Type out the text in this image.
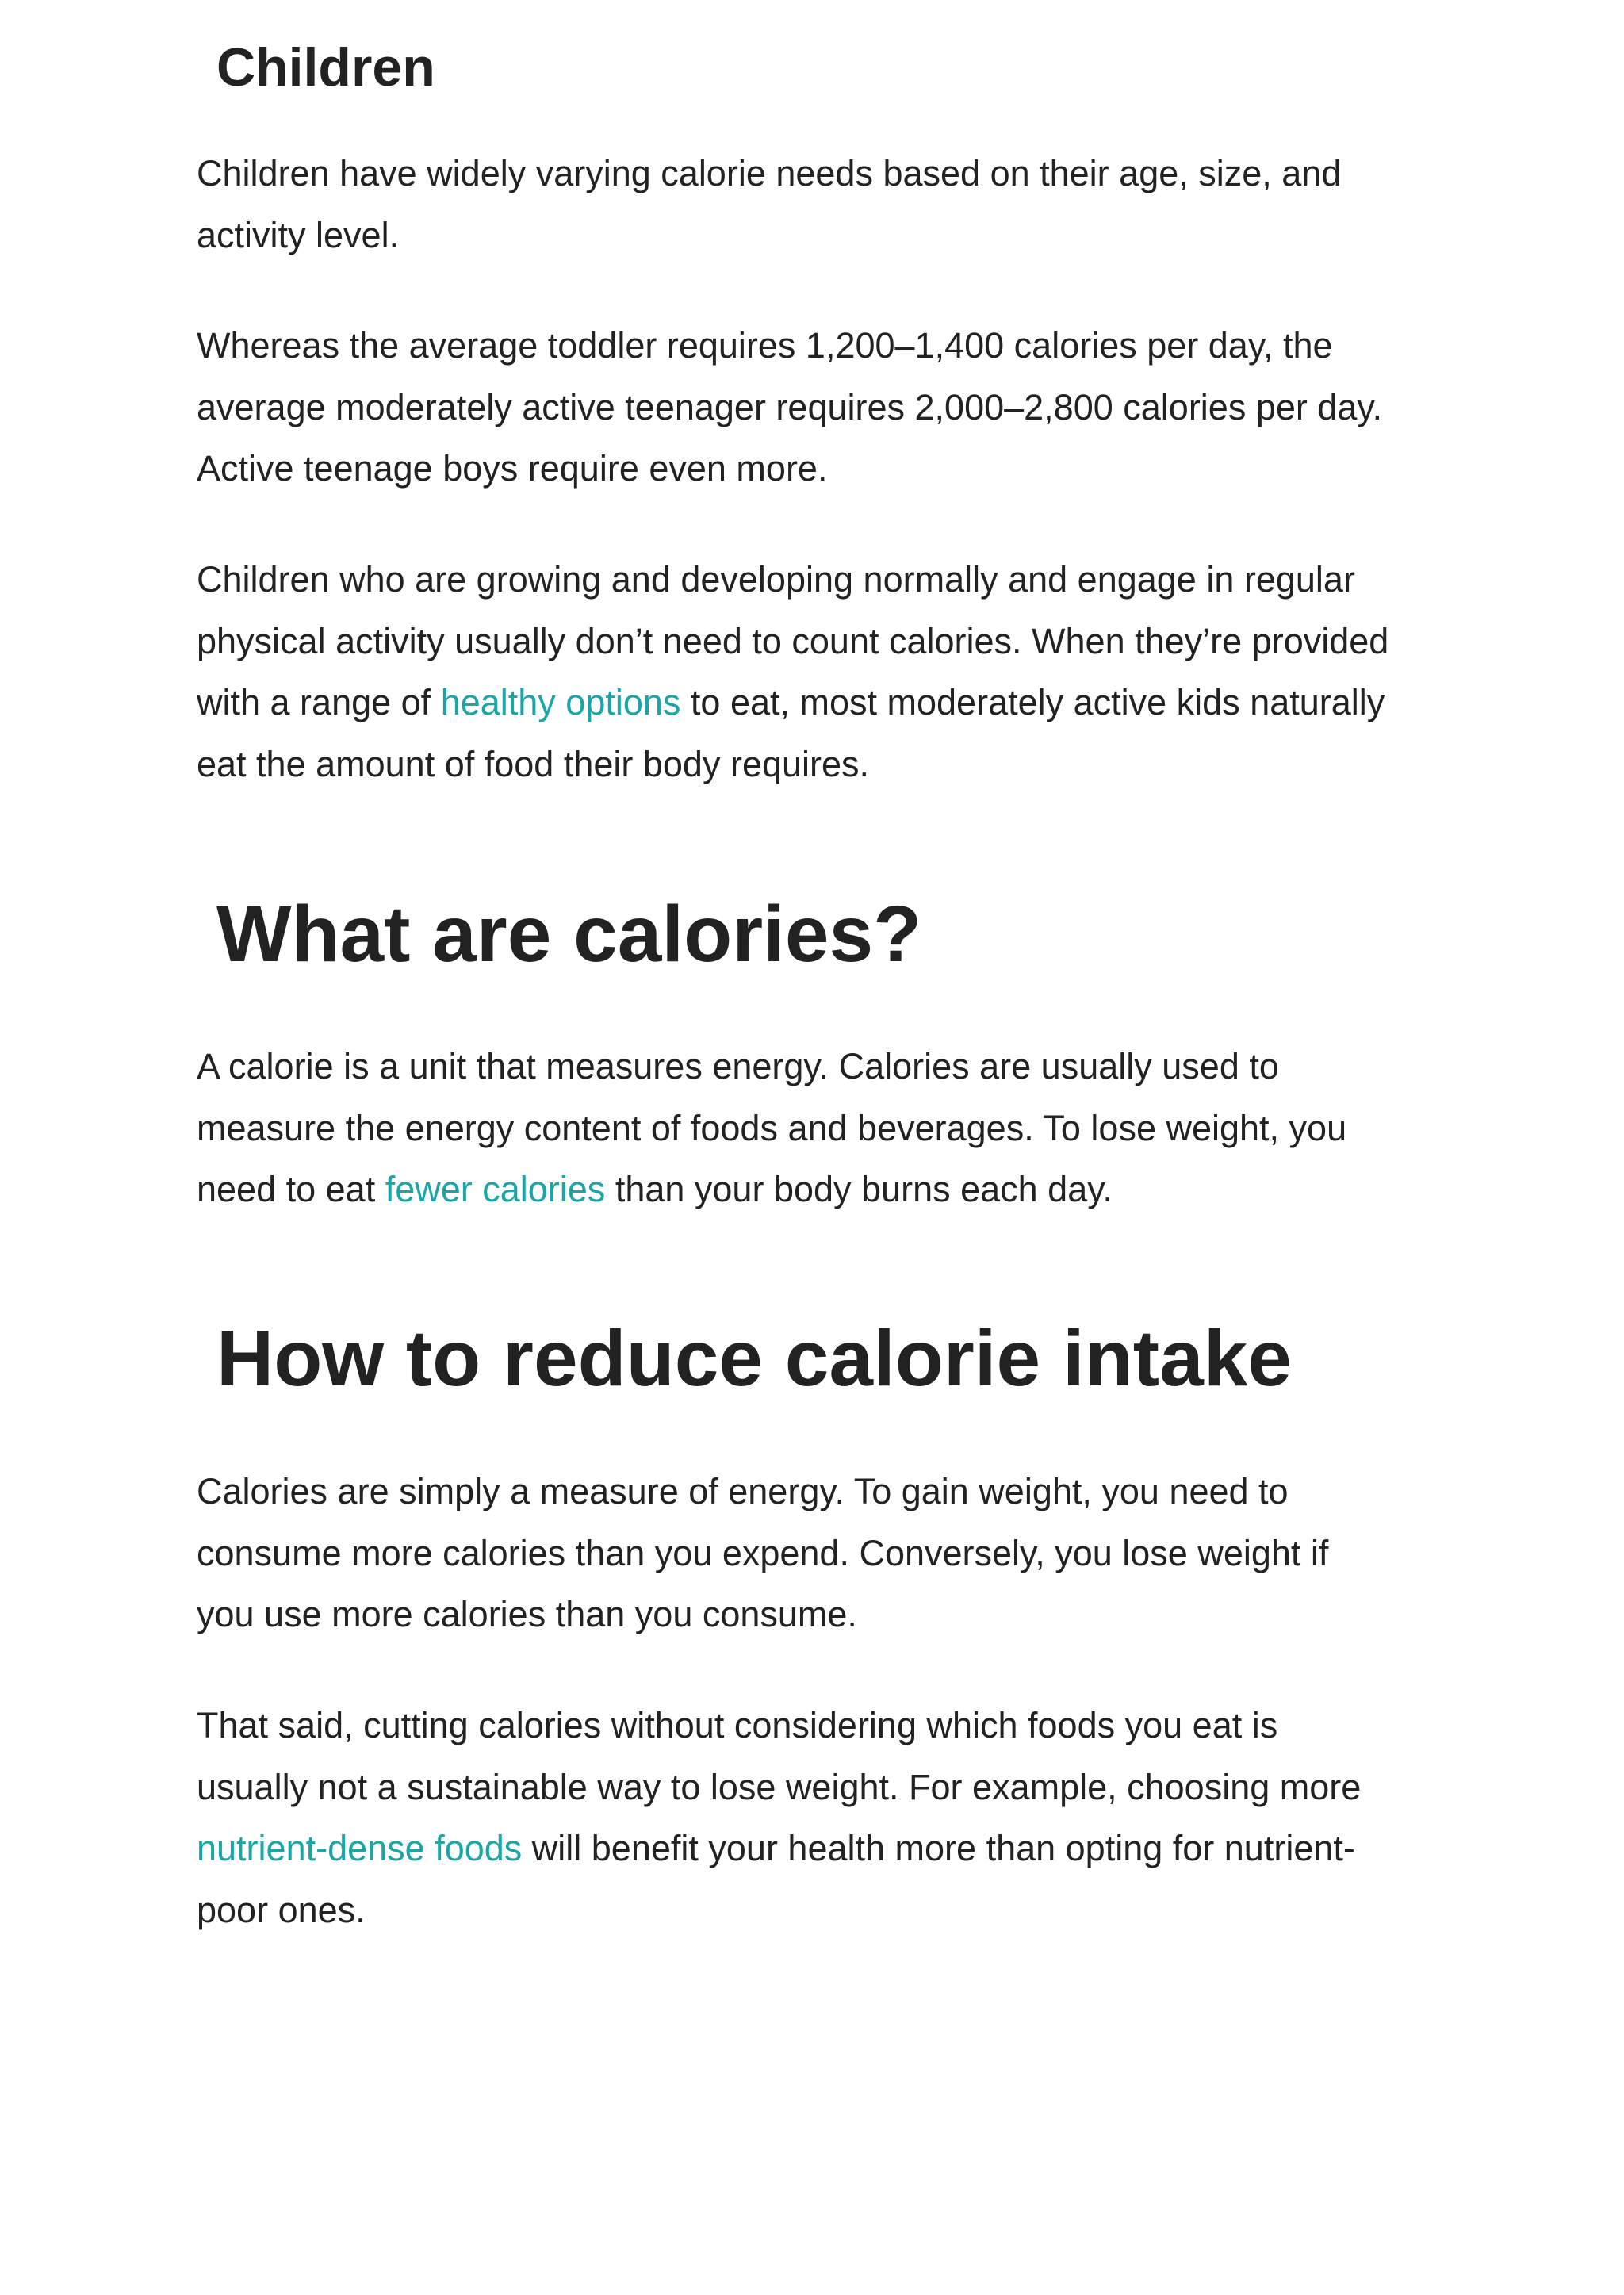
Children

Children have widely varying calorie needs based on their age, size, and activity level.

Whereas the average toddler requires 1,200–1,400 calories per day, the
average moderately active teenager requires 2,000–2,800 calories per day.
Active teenage boys require even more.

Children who are growing and developing normally and engage in regular
physical activity usually don’t need to count calories. When they’re provided
with a range of healthy options to eat, most moderately active kids naturally
eat the amount of food their body requires.

What are calories?

A calorie is a unit that measures energy. Calories are usually used to
measure the energy content of foods and beverages. To lose weight, you
need to eat fewer calories than your body burns each day.

How to reduce calorie intake

Calories are simply a measure of energy. To gain weight, you need to
consume more calories than you expend. Conversely, you lose weight if
you use more calories than you consume.

That said, cutting calories without considering which foods you eat is
usually not a sustainable way to lose weight. For example, choosing more
nutrient-dense foods will benefit your health more than opting for nutrient-
poor ones.
